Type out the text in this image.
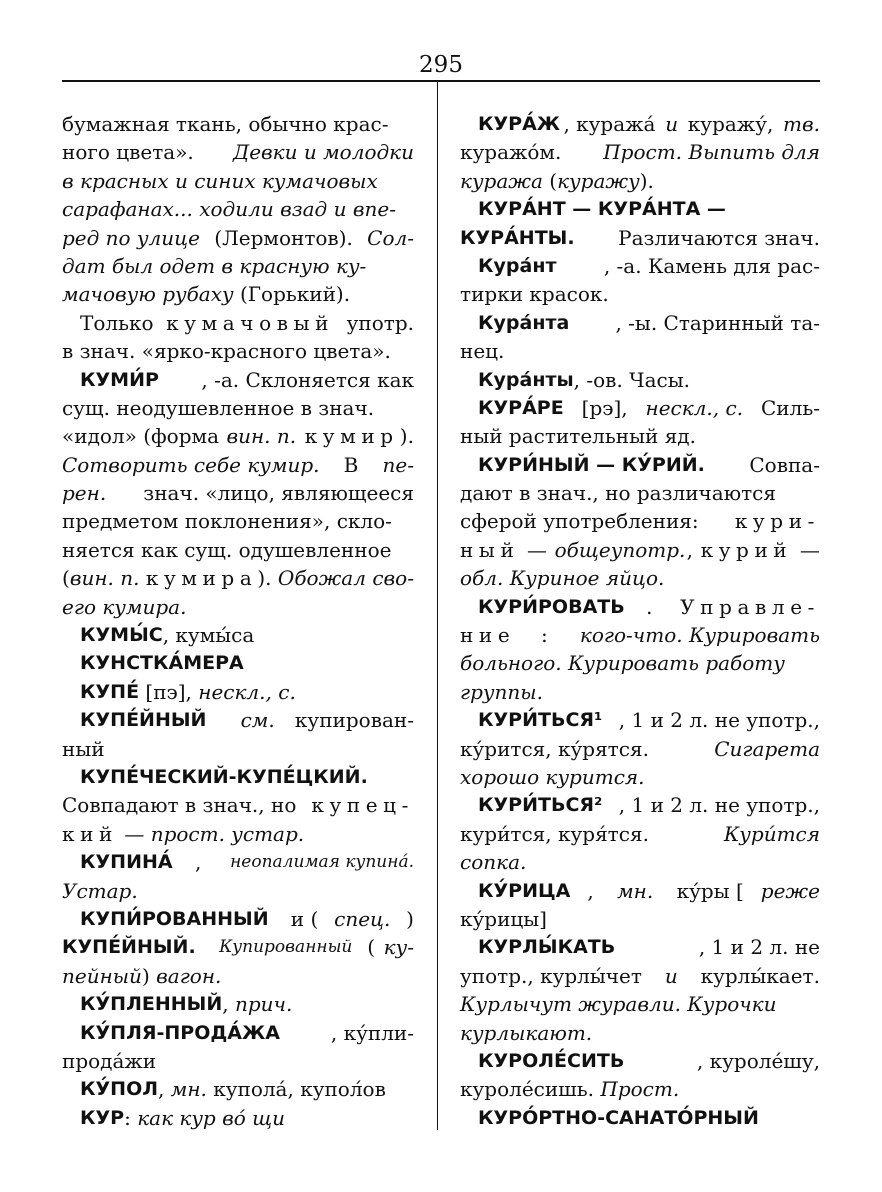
295
бумажная ткань, обычно крас-
ного цвета». Девки и молодки
в красных и синих кумачовых
сарафанах... ходили взад и впе-
ред по улице (Лермонтов). Сол-
дат был одет в красную ку-
мачовую рубаху (Горький).
Только кумачовый употр.
в знач. «ярко-красного цвета».
КУМИ́Р , -а. Склоняется как
сущ. неодушевленное в знач.
«идол» (форма вин. п.
кумир ).
Сотворить себе кумир. В пе-
рен. знач. «лицо, являющееся
предметом поклонения», скло-
няется как сущ. одушевленное
( вин. п.
кумира ). Обожал сво-
его кумира.
КУМЫ́С , кумы́са
КУНСТКА́МЕРА
КУПЕ́ [пэ], нескл., с.
КУПЕ́ЙНЫЙ
см. купирован-
ный
КУПЕ́ЧЕСКИЙ-КУПЕ́ЦКИЙ.
Совпадают в знач., но купец-
кий — прост. устар.
КУПИНА́ , неопалимая купина́.
Устар.
КУПИ́РОВАННЫЙ и ( спец. )
КУПЕ́ЙНЫЙ.
Купированный ( ку-
пейный ) вагон.
КУ́ПЛЕННЫЙ , прич.
КУ́ПЛЯ-ПРОДА́ЖА	, ку́пли-
прода́жи
КУ́ПОЛ , мн. купола́, купол́ов
КУР : как кур во́ щи
КУРА́Ж , куража́ и куражу́, тв.
куражо́м. Прост. Выпить для
куража ( куражу ).
КУРА́НТ — КУРА́НТА —
КУРА́НТЫ. Различаются знач.
Кура́нт , -а. Камень для рас-
тирки красок.
Кура́нта , -ы. Старинный та-
нец.
Кура́нты , -ов. Часы.
КУРА́РЕ [рэ], нескл., с. Силь-
ный растительный яд.
КУРИ́НЫЙ — КУ́РИЙ. Совпа-
дают в знач., но различаются
сферой употребления: кури-
ный — общеупотр. , курий —
обл. Куриное яйцо.
КУРИ́РОВАТЬ . Управле-
ние : кого-что. Курировать
больного. Курировать работу
группы.
КУРИ́ТЬСЯ¹ , 1 и 2 л. не употр.,
ку́рится, ку́рятся.	Сигарета
хорошо курится.
КУРИ́ТЬСЯ² , 1 и 2 л. не употр.,
кури́тся, куря́тся.	Кури́тся
сопка.
КУ́РИЦА , мн. ку́ры [ реже
ку́рицы]
КУРЛЫ́КАТЬ	, 1 и 2 л. не
употр., курлы́чет и курлы́кает.
Курлычут журавли. Курочки
курлыкают.
КУРОЛЕ́СИТЬ	, куроле́шу,
куроле́сишь. Прост.
КУРО́РТНО-САНАТО́РНЫЙ
